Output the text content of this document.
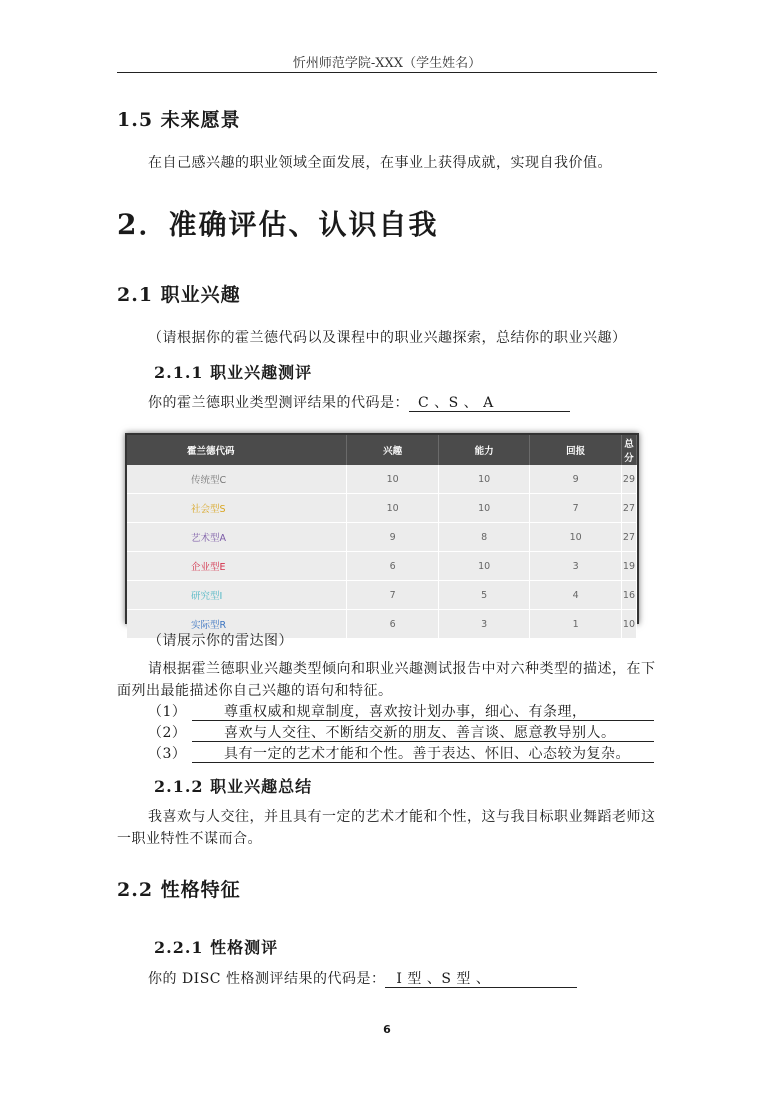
忻州师范学院-XXX（学生姓名）
1.5 未来愿景
在自己感兴趣的职业领域全面发展，在事业上获得成就，实现自我价值。
2．准确评估、认识自我
2.1 职业兴趣
（请根据你的霍兰德代码以及课程中的职业兴趣探索，总结你的职业兴趣）
2.1.1 职业兴趣测评
你的霍兰德职业类型测评结果的代码是： C 、S 、 A
霍兰德代码	兴趣	能力	回报	总分
传统型C	10	10	9	29
社会型S	10	10	7	27
艺术型A	9	8	10	27
企业型E	6	10	3	19
研究型I	7	5	4	16
实际型R	6	3	1	10
（请展示你的雷达图）
请根据霍兰德职业兴趣类型倾向和职业兴趣测试报告中对六种类型的描述，在下面列出最能描述你自己兴趣的语句和特征。
（1）	尊重权威和规章制度，喜欢按计划办事，细心、有条理，
（2）	喜欢与人交往、不断结交新的朋友、善言谈、愿意教导别人。
（3）	具有一定的艺术才能和个性。善于表达、怀旧、心态较为复杂。
2.1.2 职业兴趣总结
我喜欢与人交往，并且具有一定的艺术才能和个性，这与我目标职业舞蹈老师这一职业特性不谋而合。
2.2 性格特征
2.2.1 性格测评
你的 DISC 性格测评结果的代码是： I 型 、S 型 、
6
